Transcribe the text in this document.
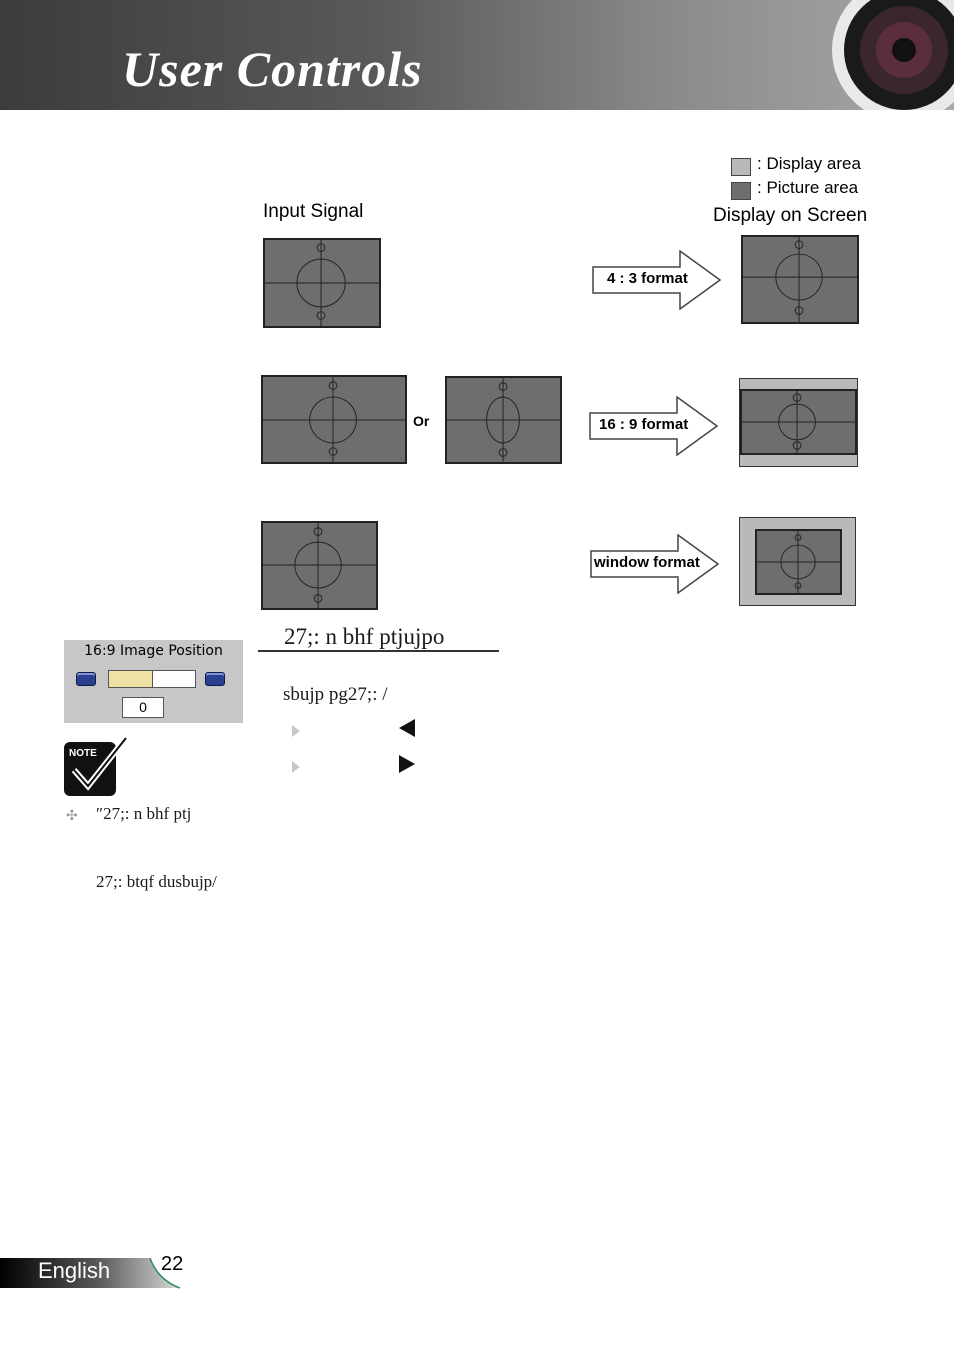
User Controls
: Display area
: Picture area
Input Signal	Display on Screen
4 : 3 format
Or	16 : 9 format
window format
16:9 Image Position
0
NOTE
✣ ″27;: n bhf ptj
27;: btqf dusbujp/
27;: n bhf ptjujpo
sbujp pg27;: /
English	22
